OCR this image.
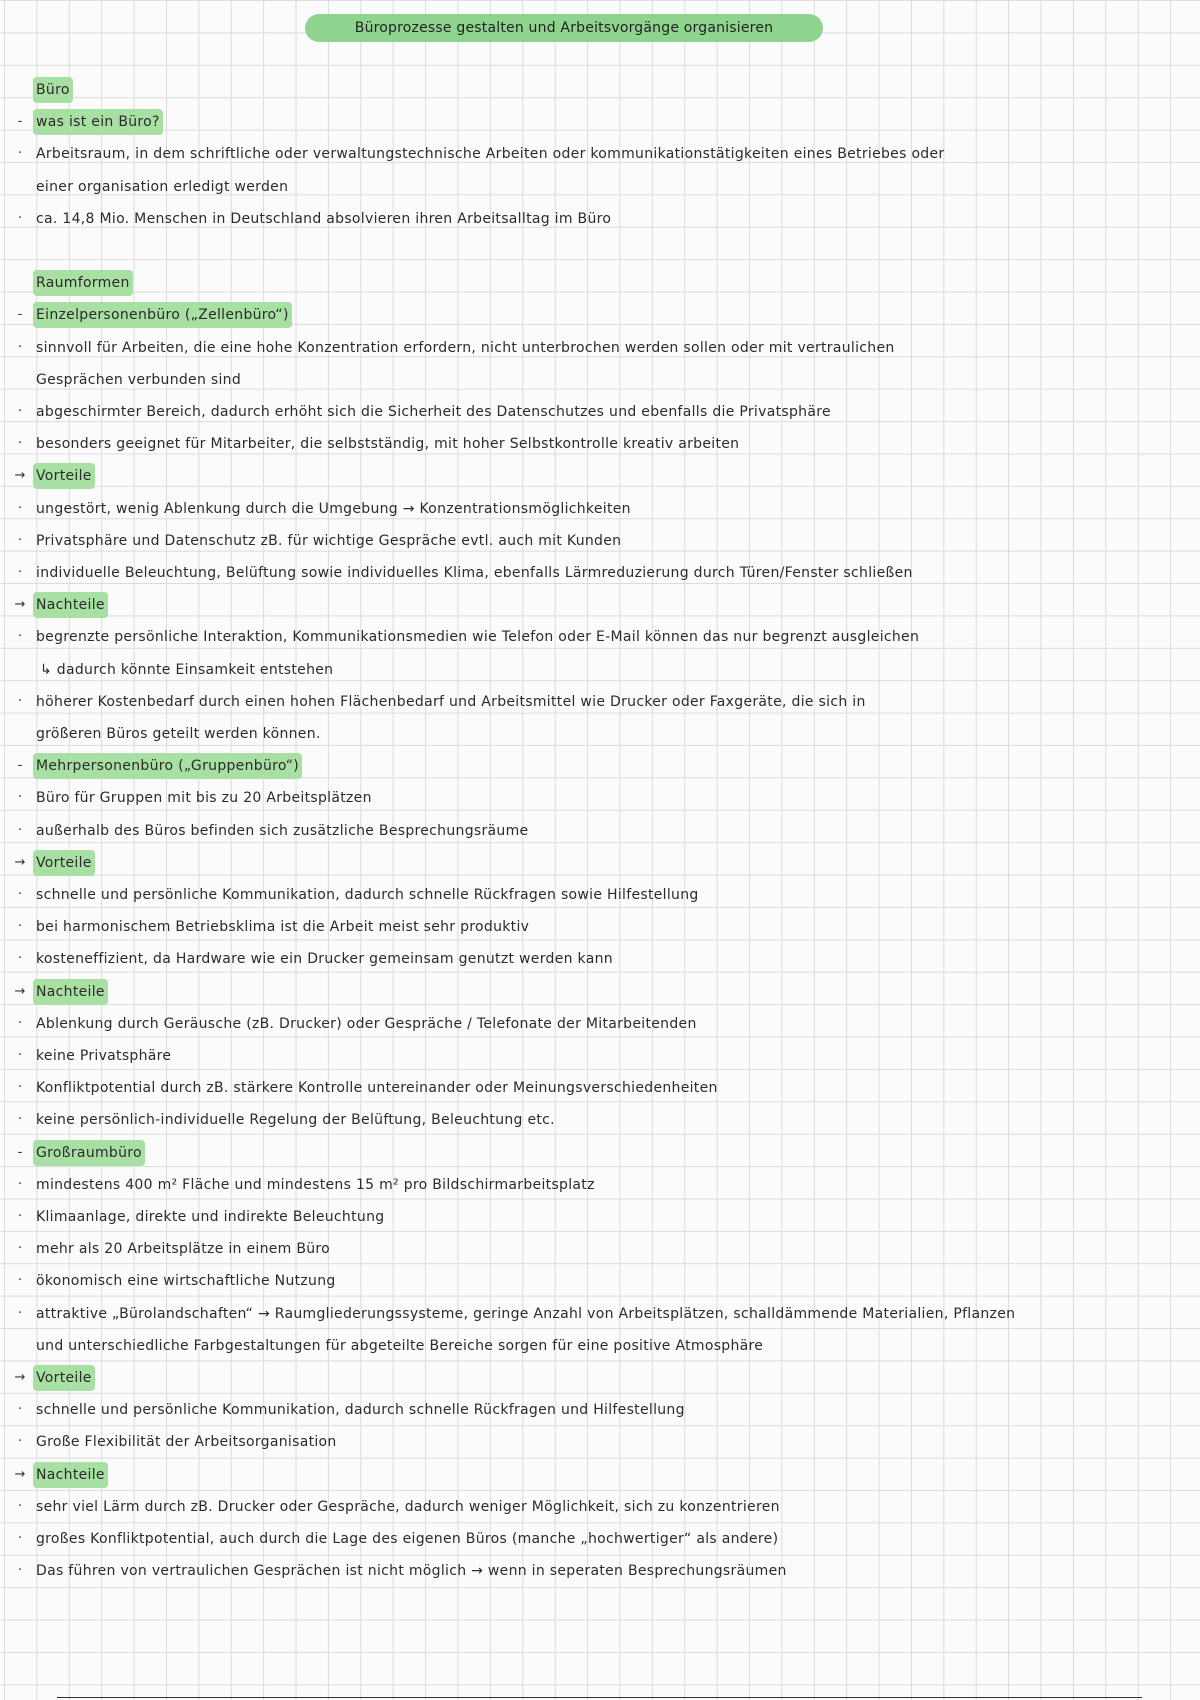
Büroprozesse gestalten und Arbeitsvorgänge organisieren
Büro
- was ist ein Büro?
· Arbeitsraum, in dem schriftliche oder verwaltungstechnische Arbeiten oder kommunikationstätigkeiten eines Betriebes oder
einer organisation erledigt werden
· ca. 14,8 Mio. Menschen in Deutschland absolvieren ihren Arbeitsalltag im Büro
Raumformen
- Einzelpersonenbüro („Zellenbüro“)
· sinnvoll für Arbeiten, die eine hohe Konzentration erfordern, nicht unterbrochen werden sollen oder mit vertraulichen
Gesprächen verbunden sind
· abgeschirmter Bereich, dadurch erhöht sich die Sicherheit des Datenschutzes und ebenfalls die Privatsphäre
· besonders geeignet für Mitarbeiter, die selbstständig, mit hoher Selbstkontrolle kreativ arbeiten
→ Vorteile
· ungestört, wenig Ablenkung durch die Umgebung → Konzentrationsmöglichkeiten
· Privatsphäre und Datenschutz zB. für wichtige Gespräche evtl. auch mit Kunden
· individuelle Beleuchtung, Belüftung sowie individuelles Klima, ebenfalls Lärmreduzierung durch Türen/Fenster schließen
→ Nachteile
· begrenzte persönliche Interaktion, Kommunikationsmedien wie Telefon oder E-Mail können das nur begrenzt ausgleichen
↳ dadurch könnte Einsamkeit entstehen
· höherer Kostenbedarf durch einen hohen Flächenbedarf und Arbeitsmittel wie Drucker oder Faxgeräte, die sich in
größeren Büros geteilt werden können.
- Mehrpersonenbüro („Gruppenbüro“)
· Büro für Gruppen mit bis zu 20 Arbeitsplätzen
· außerhalb des Büros befinden sich zusätzliche Besprechungsräume
→ Vorteile
· schnelle und persönliche Kommunikation, dadurch schnelle Rückfragen sowie Hilfestellung
· bei harmonischem Betriebsklima ist die Arbeit meist sehr produktiv
· kosteneffizient, da Hardware wie ein Drucker gemeinsam genutzt werden kann
→ Nachteile
· Ablenkung durch Geräusche (zB. Drucker) oder Gespräche / Telefonate der Mitarbeitenden
· keine Privatsphäre
· Konfliktpotential durch zB. stärkere Kontrolle untereinander oder Meinungsverschiedenheiten
· keine persönlich-individuelle Regelung der Belüftung, Beleuchtung etc.
- Großraumbüro
· mindestens 400 m² Fläche und mindestens 15 m² pro Bildschirmarbeitsplatz
· Klimaanlage, direkte und indirekte Beleuchtung
· mehr als 20 Arbeitsplätze in einem Büro
· ökonomisch eine wirtschaftliche Nutzung
· attraktive „Bürolandschaften“ → Raumgliederungssysteme, geringe Anzahl von Arbeitsplätzen, schalldämmende Materialien, Pflanzen
und unterschiedliche Farbgestaltungen für abgeteilte Bereiche sorgen für eine positive Atmosphäre
→ Vorteile
· schnelle und persönliche Kommunikation, dadurch schnelle Rückfragen und Hilfestellung
· Große Flexibilität der Arbeitsorganisation
→ Nachteile
· sehr viel Lärm durch zB. Drucker oder Gespräche, dadurch weniger Möglichkeit, sich zu konzentrieren
· großes Konfliktpotential, auch durch die Lage des eigenen Büros (manche „hochwertiger“ als andere)
· Das führen von vertraulichen Gesprächen ist nicht möglich → wenn in seperaten Besprechungsräumen
